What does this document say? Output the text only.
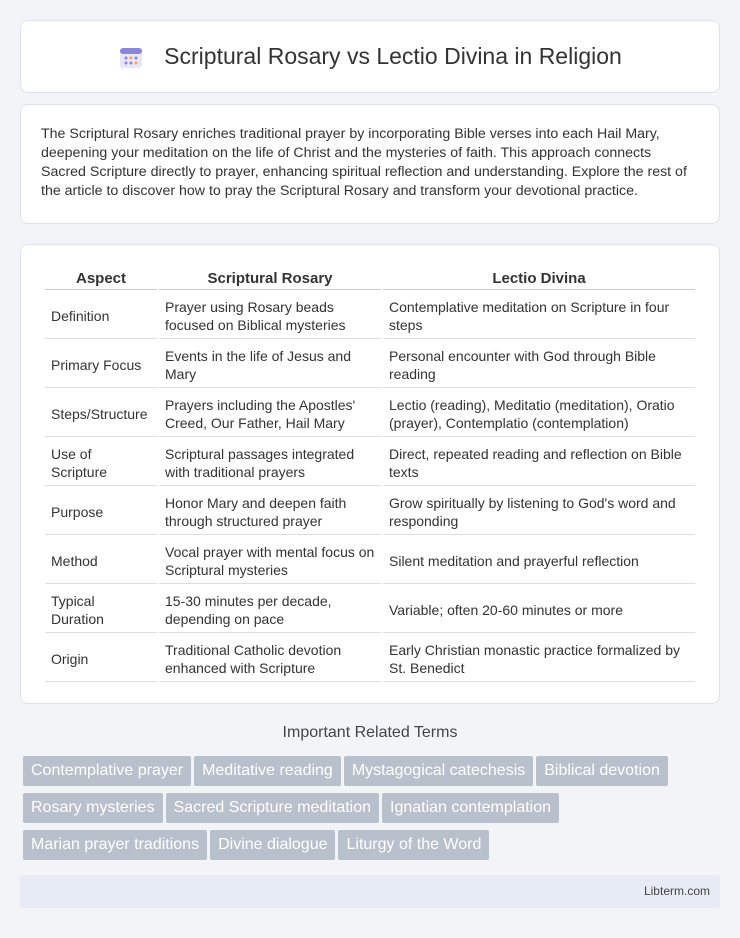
Scriptural Rosary vs Lectio Divina in Religion

The Scriptural Rosary enriches traditional prayer by incorporating Bible verses into each Hail Mary, deepening your meditation on the life of Christ and the mysteries of faith. This approach connects Sacred Scripture directly to prayer, enhancing spiritual reflection and understanding. Explore the rest of the article to discover how to pray the Scriptural Rosary and transform your devotional practice.

Aspect	Scriptural Rosary	Lectio Divina
Definition	Prayer using Rosary beads focused on Biblical mysteries	Contemplative meditation on Scripture in four steps
Primary Focus	Events in the life of Jesus and Mary	Personal encounter with God through Bible reading
Steps/Structure	Prayers including the Apostles' Creed, Our Father, Hail Mary	Lectio (reading), Meditatio (meditation), Oratio (prayer), Contemplatio (contemplation)
Use of Scripture	Scriptural passages integrated with traditional prayers	Direct, repeated reading and reflection on Bible texts
Purpose	Honor Mary and deepen faith through structured prayer	Grow spiritually by listening to God's word and responding
Method	Vocal prayer with mental focus on Scriptural mysteries	Silent meditation and prayerful reflection
Typical Duration	15-30 minutes per decade, depending on pace	Variable; often 20-60 minutes or more
Origin	Traditional Catholic devotion enhanced with Scripture	Early Christian monastic practice formalized by St. Benedict
Important Related Terms
Contemplative prayer Meditative reading Mystagogical catechesis Biblical devotion
Rosary mysteries Sacred Scripture meditation Ignatian contemplation
Marian prayer traditions Divine dialogue Liturgy of the Word
Libterm.com
